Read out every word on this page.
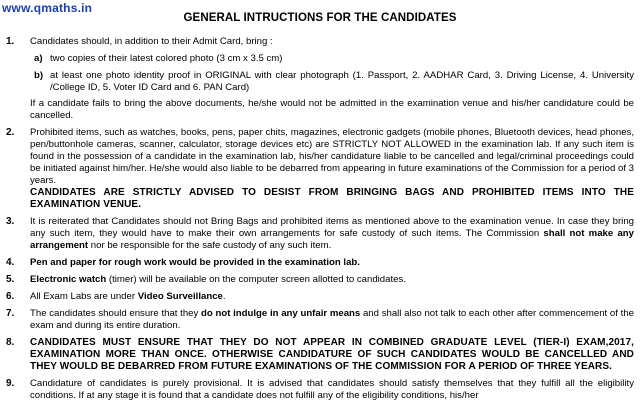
www.qmaths.in
GENERAL INTRUCTIONS FOR THE CANDIDATES
1.	Candidates should, in addition to their Admit Card, bring :
a) two copies of their latest colored photo (3 cm x 3.5 cm)
b) at least one photo identity proof in ORIGINAL with clear photograph (1. Passport, 2. AADHAR Card, 3. Driving License, 4. University /College ID, 5. Voter ID Card and 6. PAN Card)
If a candidate fails to bring the above documents, he/she would not be admitted in the examination venue and his/her candidature could be cancelled.
2.	Prohibited items, such as watches, books, pens, paper chits, magazines, electronic gadgets (mobile phones, Bluetooth devices, head phones, pen/buttonhole cameras, scanner, calculator, storage devices etc) are STRICTLY NOT ALLOWED in the examination lab. If any such item is found in the possession of a candidate in the examination lab, his/her candidature liable to be cancelled and legal/criminal proceedings could be initiated against him/her. He/she would also liable to be debarred from appearing in future examinations of the Commission for a period of 3 years.
CANDIDATES ARE STRICTLY ADVISED TO DESIST FROM BRINGING BAGS AND PROHIBITED ITEMS INTO THE EXAMINATION VENUE.
3.	It is reiterated that Candidates should not Bring Bags and prohibited items as mentioned above to the examination venue. In case they bring any such item, they would have to make their own arrangements for safe custody of such items. The Commission shall not make any arrangement nor be responsible for the safe custody of any such item.
4.	Pen and paper for rough work would be provided in the examination lab.
5.	Electronic watch (timer) will be available on the computer screen allotted to candidates.
6.	All Exam Labs are under Video Surveillance.
7.	The candidates should ensure that they do not indulge in any unfair means and shall also not talk to each other after commencement of the exam and during its entire duration.
8.	CANDIDATES MUST ENSURE THAT THEY DO NOT APPEAR IN COMBINED GRADUATE LEVEL (TIER-I) EXAM,2017, EXAMINATION MORE THAN ONCE. OTHERWISE CANDIDATURE OF SUCH CANDIDATES WOULD BE CANCELLED AND THEY WOULD BE DEBARRED FROM FUTURE EXAMINATIONS OF THE COMMISSION FOR A PERIOD OF THREE YEARS.
9.	Candidature of candidates is purely provisional. It is advised that candidates should satisfy themselves that they fulfill all the eligibility conditions. If at any stage it is found that a candidate does not fulfill any of the eligibility conditions, his/her
